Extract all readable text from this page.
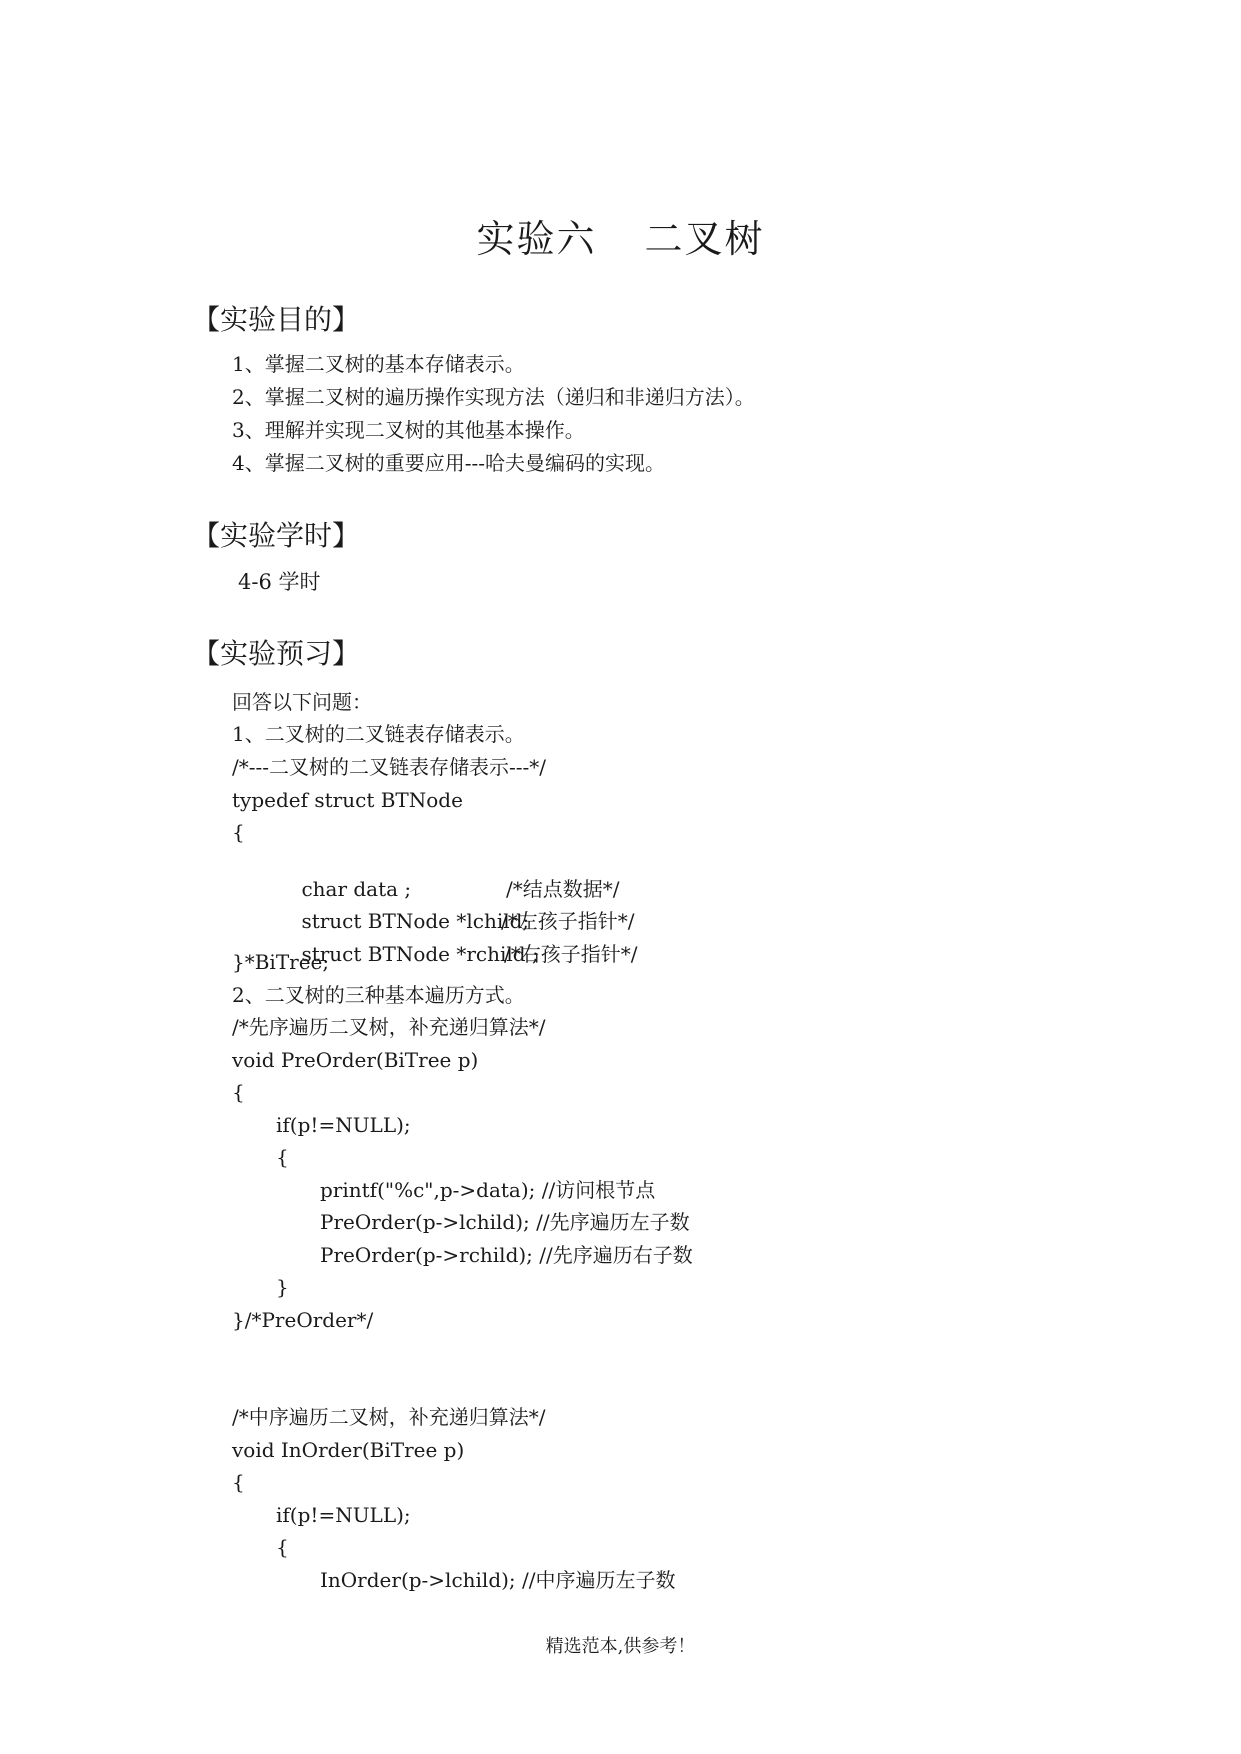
实验六 二叉树
【实验目的】
1、掌握二叉树的基本存储表示。
2、掌握二叉树的遍历操作实现方法（递归和非递归方法）。
3、理解并实现二叉树的其他基本操作。
4、掌握二叉树的重要应用---哈夫曼编码的实现。
【实验学时】
4-6 学时
【实验预习】
回答以下问题：
1、二叉树的二叉链表存储表示。
/*---二叉树的二叉链表存储表示---*/
typedef struct BTNode
{

char data ;	/*结点数据*/

struct BTNode *lchild;
/*左孩子指针*/

struct BTNode *rchild ;
/*右孩子指针*/

}*BiTree;
2、二叉树的三种基本遍历方式。
/*先序遍历二叉树，补充递归算法*/
void PreOrder(BiTree p)
{
if(p!=NULL);
{
printf("%c",p->data); //访问根节点
PreOrder(p->lchild); //先序遍历左子数
PreOrder(p->rchild); //先序遍历右子数
}
}/*PreOrder*/
/*中序遍历二叉树，补充递归算法*/
void InOrder(BiTree p)
{
if(p!=NULL);
{
InOrder(p->lchild); //中序遍历左子数
精选范本,供参考！
